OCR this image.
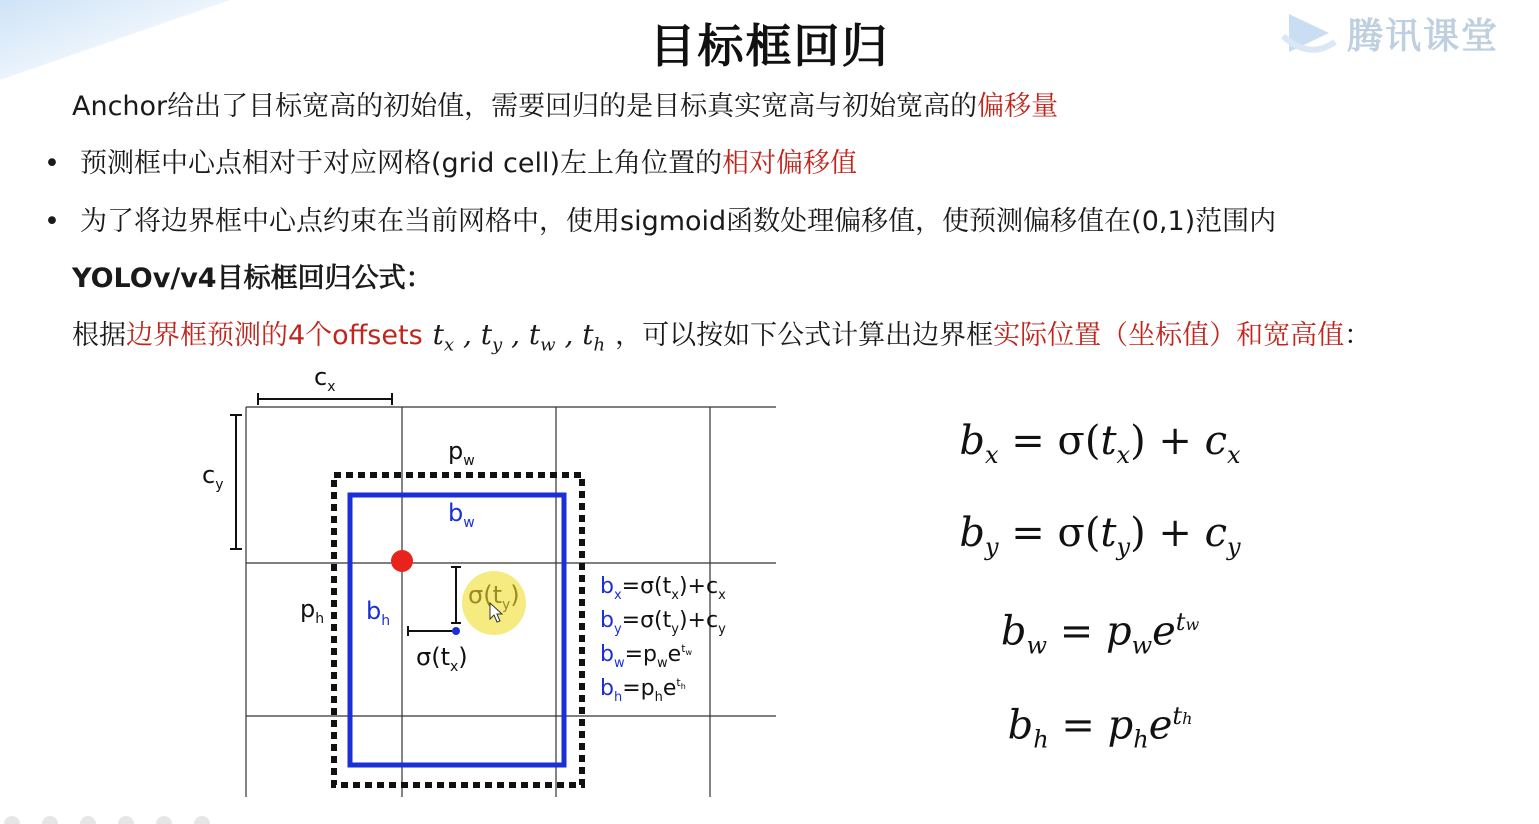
目标框回归	腾讯课堂
Anchor给出了目标宽高的初始值，需要回归的是目标真实宽高与初始宽高的偏移量
• 预测框中心点相对于对应网格(grid cell)左上角位置的相对偏移值
• 为了将边界框中心点约束在当前网格中，使用sigmoid函数处理偏移值，使预测偏移值在(0,1)范围内
YOLOv/v4目标框回归公式：
根据边界框预测的4个offsets $t_x$ , $t_y$ , $t_w$ , $t_h$ ，可以按如下公式计算出边界框实际位置（坐标值）和宽高值：
$c_x$
$c_y$
$p_w$
$p_h$
$b_w$
$b_h$
$\sigma(t_y)$
$\sigma(t_x)$
$b_x=\sigma(t_x)+c_x$
$b_y=\sigma(t_y)+c_y$
$b_w=p_we^tw$
$b_h=p_he^th$
$b_x = \sigma(t_x) + c_x$
$b_y = \sigma(t_y) + c_y$
$b_w = p_we^{tw}$
$b_h = p_he^{th}$
